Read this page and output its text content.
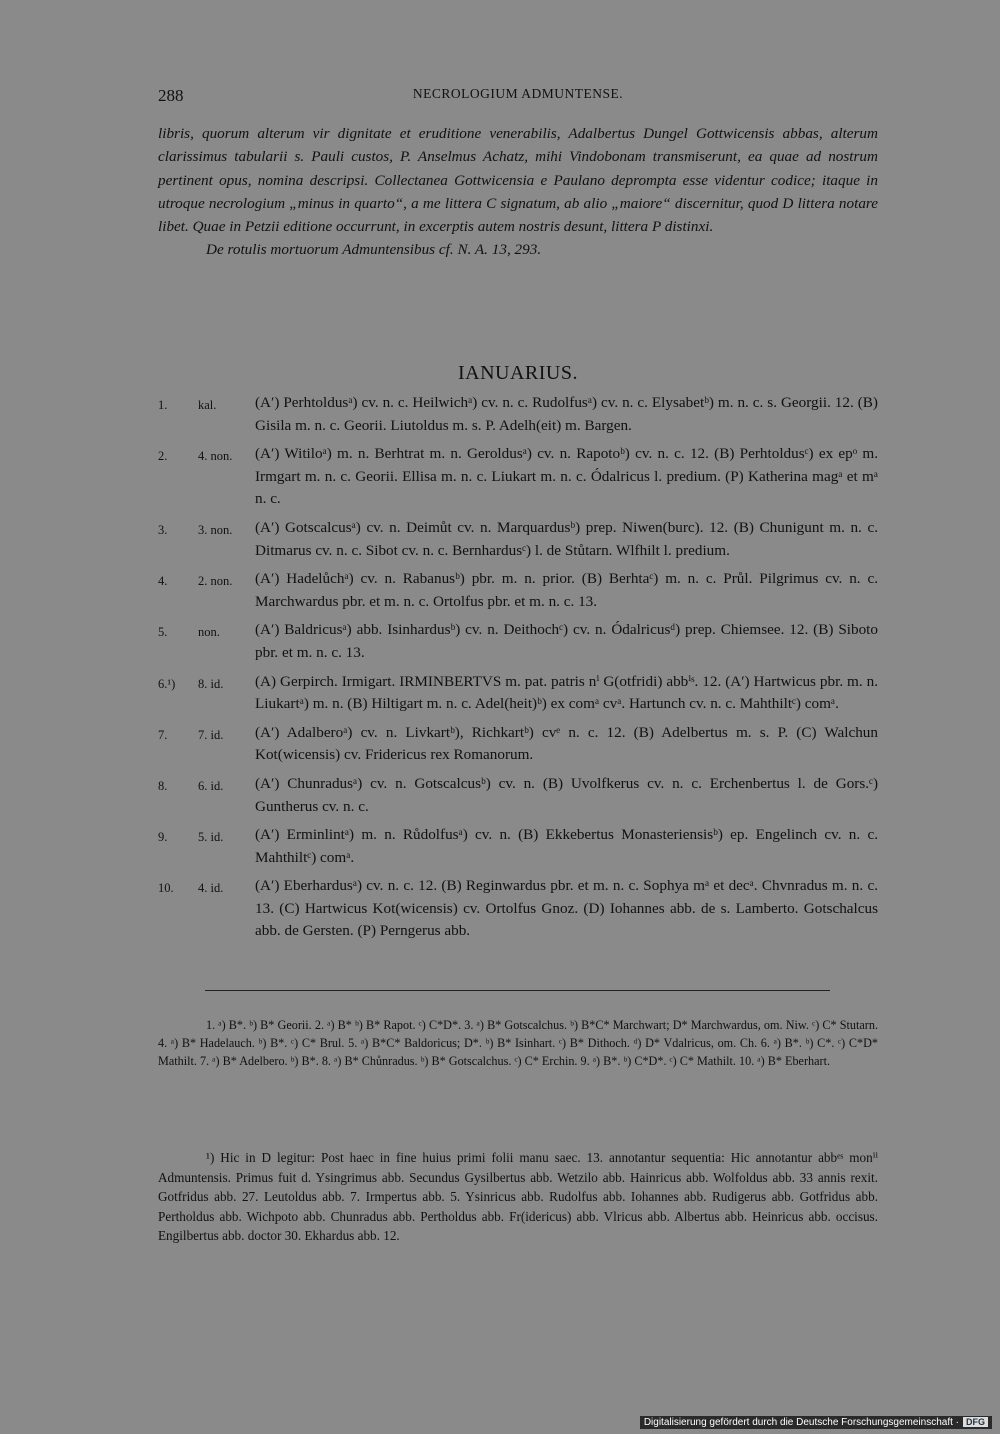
288	NECROLOGIUM ADMUNTENSE.

libris, quorum alterum vir dignitate et eruditione venerabilis, Adalbertus Dungel Gottwicensis abbas, alterum clarissimus tabularii s. Pauli custos, P. Anselmus Achatz, mihi Vindobonam transmiserunt, ea quae ad nostrum pertinent opus, nomina descripsi. Collectanea Gottwicensia e Paulano deprompta esse videntur codice; itaque in utroque necrologium „minus in quarto“, a me littera C signatum, ab alio „maiore“ discernitur, quod D littera notare libet. Quae in Petzii editione occurrunt, in excerptis autem nostris desunt, littera P distinxi.

De rotulis mortuorum Admuntensibus cf. N. A. 13, 293.

IANUARIUS.
1. kal.	(A′) Perhtoldusᵃ) cv. n. c. Heilwichᵃ) cv. n. c. Rudolfusᵃ) cv. n. c. Elysabetᵇ) m. n. c. s. Georgii. 12. (B) Gisila m. n. c. Georii. Liutoldus m. s. P. Adelh(eit) m. Bargen.
2. 4. non. (A′) Witiloᵃ) m. n. Berhtrat m. n. Geroldusᵃ) cv. n. Rapotoᵇ) cv. n. c. 12. (B) Perhtoldusᶜ) ex epᵒ m. Irmgart m. n. c. Georii. Ellisa m. n. c. Liukart m. n. c. Ódalricus l. predium. (P) Katherina magᵃ et mᵃ n. c.
3. 3. non. (A′) Gotscalcusᵃ) cv. n. Deimůt cv. n. Marquardusᵇ) prep. Niwen(burc). 12. (B) Chunigunt m. n. c. Ditmarus cv. n. c. Sibot cv. n. c. Bernhardusᶜ) l. de Stůtarn. Wlfhilt l. predium.
4. 2. non. (A′) Hadelůchᵃ) cv. n. Rabanusᵇ) pbr. m. n. prior. (B) Berhtaᶜ) m. n. c. Průl. Pilgrimus cv. n. c. Marchwardus pbr. et m. n. c. Ortolfus pbr. et m. n. c. 13.
5. non. (A′) Baldricusᵃ) abb. Isinhardusᵇ) cv. n. Deithochᶜ) cv. n. Ódalricusᵈ) prep. Chiemsee. 12. (B) Siboto pbr. et m. n. c. 13.
6.¹) 8. id. (A) Gerpirch. Irmigart. IRMINBERTVS m. pat. patris nⁱ G(otfridi) abbⁱˢ. 12. (A′) Hartwicus pbr. m. n. Liukartᵃ) m. n. (B) Hiltigart m. n. c. Adel(heit)ᵇ) ex comᵃ cvᵃ. Hartunch cv. n. c. Mahthiltᶜ) comᵃ.
7. 7. id. (A′) Adalberoᵃ) cv. n. Livkartᵇ), Richkartᵇ) cvᵉ n. c. 12. (B) Adelbertus m. s. P. (C) Walchun Kot(wicensis) cv. Fridericus rex Romanorum.
8. 6. id. (A′) Chunradusᵃ) cv. n. Gotscalcusᵇ) cv. n. (B) Uvolfkerus cv. n. c. Erchenbertus l. de Gors.ᶜ) Guntherus cv. n. c.
9. 5. id. (A′) Erminlintᵃ) m. n. Růdolfusᵃ) cv. n. (B) Ekkebertus Monasteriensisᵇ) ep. Engelinch cv. n. c. Mahthiltᶜ) comᵃ.
10. 4. id. (A′) Eberhardusᵃ) cv. n. c. 12. (B) Reginwardus pbr. et m. n. c. Sophya mᵃ et decᵃ. Chvnradus m. n. c. 13. (C) Hartwicus Kot(wicensis) cv. Ortolfus Gnoz. (D) Iohannes abb. de s. Lamberto. Gotschalcus abb. de Gersten. (P) Perngerus abb.

1. ᵃ) B*. ᵇ) B* Georii. 2. ᵃ) B* ᵇ) B* Rapot. ᶜ) C*D*. 3. ᵃ) B* Gotscalchus. ᵇ) B*C* Marchwart; D* Marchwardus, om. Niw. ᶜ) C* Stutarn. 4. ᵃ) B* Hadelauch. ᵇ) B*. ᶜ) C* Brul. 5. ᵃ) B*C* Baldoricus; D*. ᵇ) B* Isinhart. ᶜ) B* Dithoch. ᵈ) D* Vdalricus, om. Ch. 6. ᵃ) B*. ᵇ) C*. ᶜ) C*D* Mathilt. 7. ᵃ) B* Adelbero. ᵇ) B*. 8. ᵃ) B* Chůnradus. ᵇ) B* Gotscalchus. ᶜ) C* Erchin. 9. ᵃ) B*. ᵇ) C*D*. ᶜ) C* Mathilt. 10. ᵃ) B* Eberhart.

¹) Hic in D legitur: Post haec in fine huius primi folii manu saec. 13. annotantur sequentia: Hic annotantur abbᵉˢ monⁱⁱ Admuntensis. Primus fuit d. Ysingrimus abb. Secundus Gysilbertus abb. Wetzilo abb. Hainricus abb. Wolfoldus abb. 33 annis rexit. Gotfridus abb. 27. Leutoldus abb. 7. Irmpertus abb. 5. Ysinricus abb. Rudolfus abb. Iohannes abb. Rudigerus abb. Gotfridus abb. Pertholdus abb. Wichpoto abb. Chunradus abb. Pertholdus abb. Fr(idericus) abb. Vlricus abb. Albertus abb. Heinricus abb. occisus. Engilbertus abb. doctor 30. Ekhardus abb. 12.

Digitalisierung gefördert durch die Deutsche Forschungsgemeinschaft · DFG
